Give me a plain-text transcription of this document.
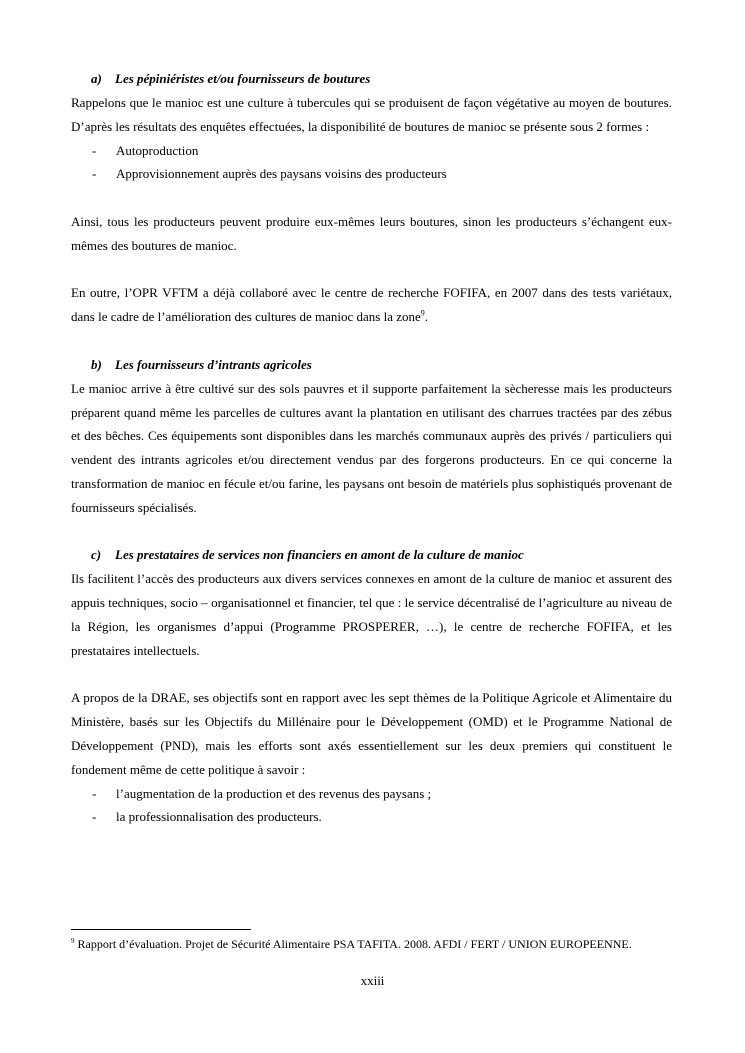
a) Les pépiniéristes et/ou fournisseurs de boutures

Rappelons que le manioc est une culture à tubercules qui se produisent de façon végétative au moyen de boutures. D’après les résultats des enquêtes effectuées, la disponibilité de boutures de manioc se présente sous 2 formes :

- Autoproduction
- Approvisionnement auprès des paysans voisins des producteurs

Ainsi, tous les producteurs peuvent produire eux-mêmes leurs boutures, sinon les producteurs s’échangent eux-mêmes des boutures de manioc.

En outre, l’OPR VFTM a déjà collaboré avec le centre de recherche FOFIFA, en 2007 dans des tests variétaux, dans le cadre de l’amélioration des cultures de manioc dans la zone$^9$.

b) Les fournisseurs d’intrants agricoles

Le manioc arrive à être cultivé sur des sols pauvres et il supporte parfaitement la sècheresse mais les producteurs préparent quand même les parcelles de cultures avant la plantation en utilisant des charrues tractées par des zébus et des bêches. Ces équipements sont disponibles dans les marchés communaux auprès des privés / particuliers qui vendent des intrants agricoles et/ou directement vendus par des forgerons producteurs. En ce qui concerne la transformation de manioc en fécule et/ou farine, les paysans ont besoin de matériels plus sophistiqués provenant de fournisseurs spécialisés.

c) Les prestataires de services non financiers en amont de la culture de manioc

Ils facilitent l’accès des producteurs aux divers services connexes en amont de la culture de manioc et assurent des appuis techniques, socio – organisationnel et financier, tel que : le service décentralisé de l’agriculture au niveau de la Région, les organismes d’appui (Programme PROSPERER, …), le centre de recherche FOFIFA, et les prestataires intellectuels.

A propos de la DRAE, ses objectifs sont en rapport avec les sept thèmes de la Politique Agricole et Alimentaire du Ministère, basés sur les Objectifs du Millénaire pour le Développement (OMD) et le Programme National de Développement (PND), mais les efforts sont axés essentiellement sur les deux premiers qui constituent le fondement même de cette politique à savoir :

- l’augmentation de la production et des revenus des paysans ;
- la professionnalisation des producteurs.
$^9$ Rapport d’évaluation. Projet de Sécurité Alimentaire PSA TAFITA. 2008. AFDI / FERT / UNION EUROPEENNE.
xxiii
